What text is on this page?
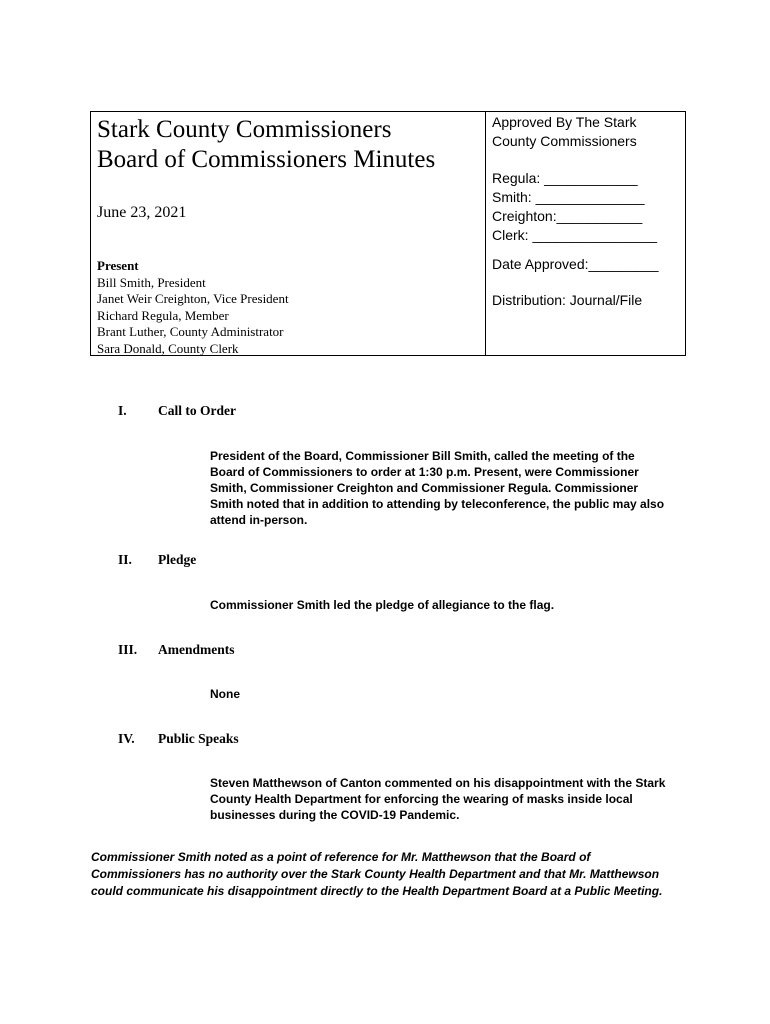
Stark County Commissioners
Board of Commissioners Minutes
June 23, 2021
Present
Bill Smith, President
Janet Weir Creighton, Vice President
Richard Regula, Member
Brant Luther, County Administrator
Sara Donald, County Clerk
Approved By The Stark
County Commissioners
Regula: ____________
Smith: ______________
Creighton:___________
Clerk: ________________
Date Approved:_________
Distribution: Journal/File
I. Call to Order
President of the Board, Commissioner Bill Smith, called the meeting of the Board of Commissioners to order at 1:30 p.m. Present, were Commissioner Smith, Commissioner Creighton and Commissioner Regula. Commissioner Smith noted that in addition to attending by teleconference, the public may also attend in-person.
II. Pledge
Commissioner Smith led the pledge of allegiance to the flag.
III. Amendments
None
IV. Public Speaks
Steven Matthewson of Canton commented on his disappointment with the Stark County Health Department for enforcing the wearing of masks inside local businesses during the COVID-19 Pandemic.
Commissioner Smith noted as a point of reference for Mr. Matthewson that the Board of Commissioners has no authority over the Stark County Health Department and that Mr. Matthewson could communicate his disappointment directly to the Health Department Board at a Public Meeting.
